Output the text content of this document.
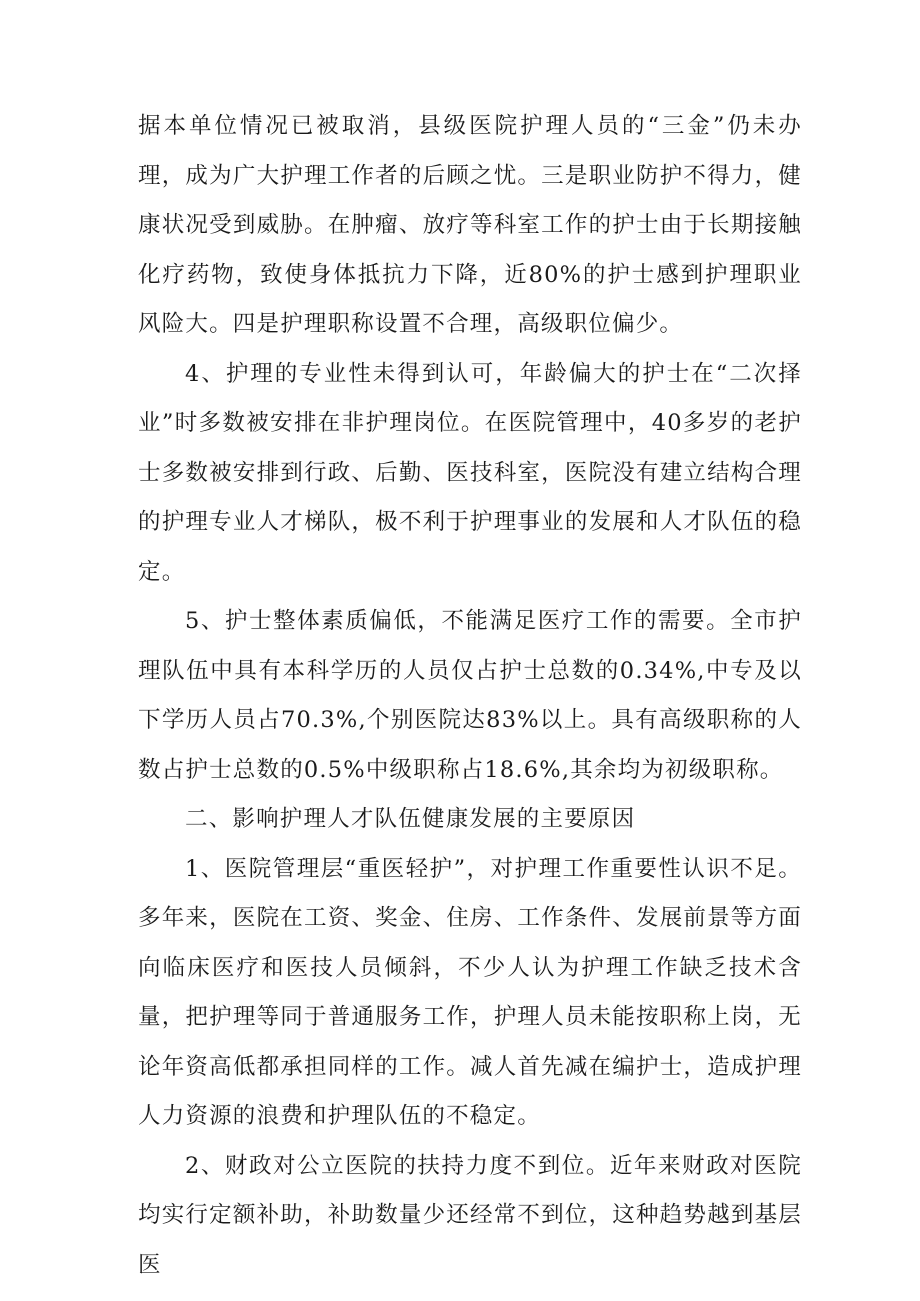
据本单位情况已被取消，县级医院护理人员的“三金”仍未办理，成为广大护理工作者的后顾之忧。三是职业防护不得力，健康状况受到威胁。在肿瘤、放疗等科室工作的护士由于长期接触化疗药物，致使身体抵抗力下降，近80%的护士感到护理职业风险大。四是护理职称设置不合理，高级职位偏少。

4、护理的专业性未得到认可，年龄偏大的护士在“二次择业”时多数被安排在非护理岗位。在医院管理中，40多岁的老护士多数被安排到行政、后勤、医技科室，医院没有建立结构合理的护理专业人才梯队，极不利于护理事业的发展和人才队伍的稳定。

5、护士整体素质偏低，不能满足医疗工作的需要。全市护理队伍中具有本科学历的人员仅占护士总数的0.34%,中专及以下学历人员占70.3%,个别医院达83%以上。具有高级职称的人数占护士总数的0.5%中级职称占18.6%,其余均为初级职称。

二、影响护理人才队伍健康发展的主要原因

1、医院管理层“重医轻护”，对护理工作重要性认识不足。多年来，医院在工资、奖金、住房、工作条件、发展前景等方面向临床医疗和医技人员倾斜，不少人认为护理工作缺乏技术含量，把护理等同于普通服务工作，护理人员未能按职称上岗，无论年资高低都承担同样的工作。减人首先减在编护士，造成护理人力资源的浪费和护理队伍的不稳定。

2、财政对公立医院的扶持力度不到位。近年来财政对医院均实行定额补助，补助数量少还经常不到位，这种趋势越到基层医
